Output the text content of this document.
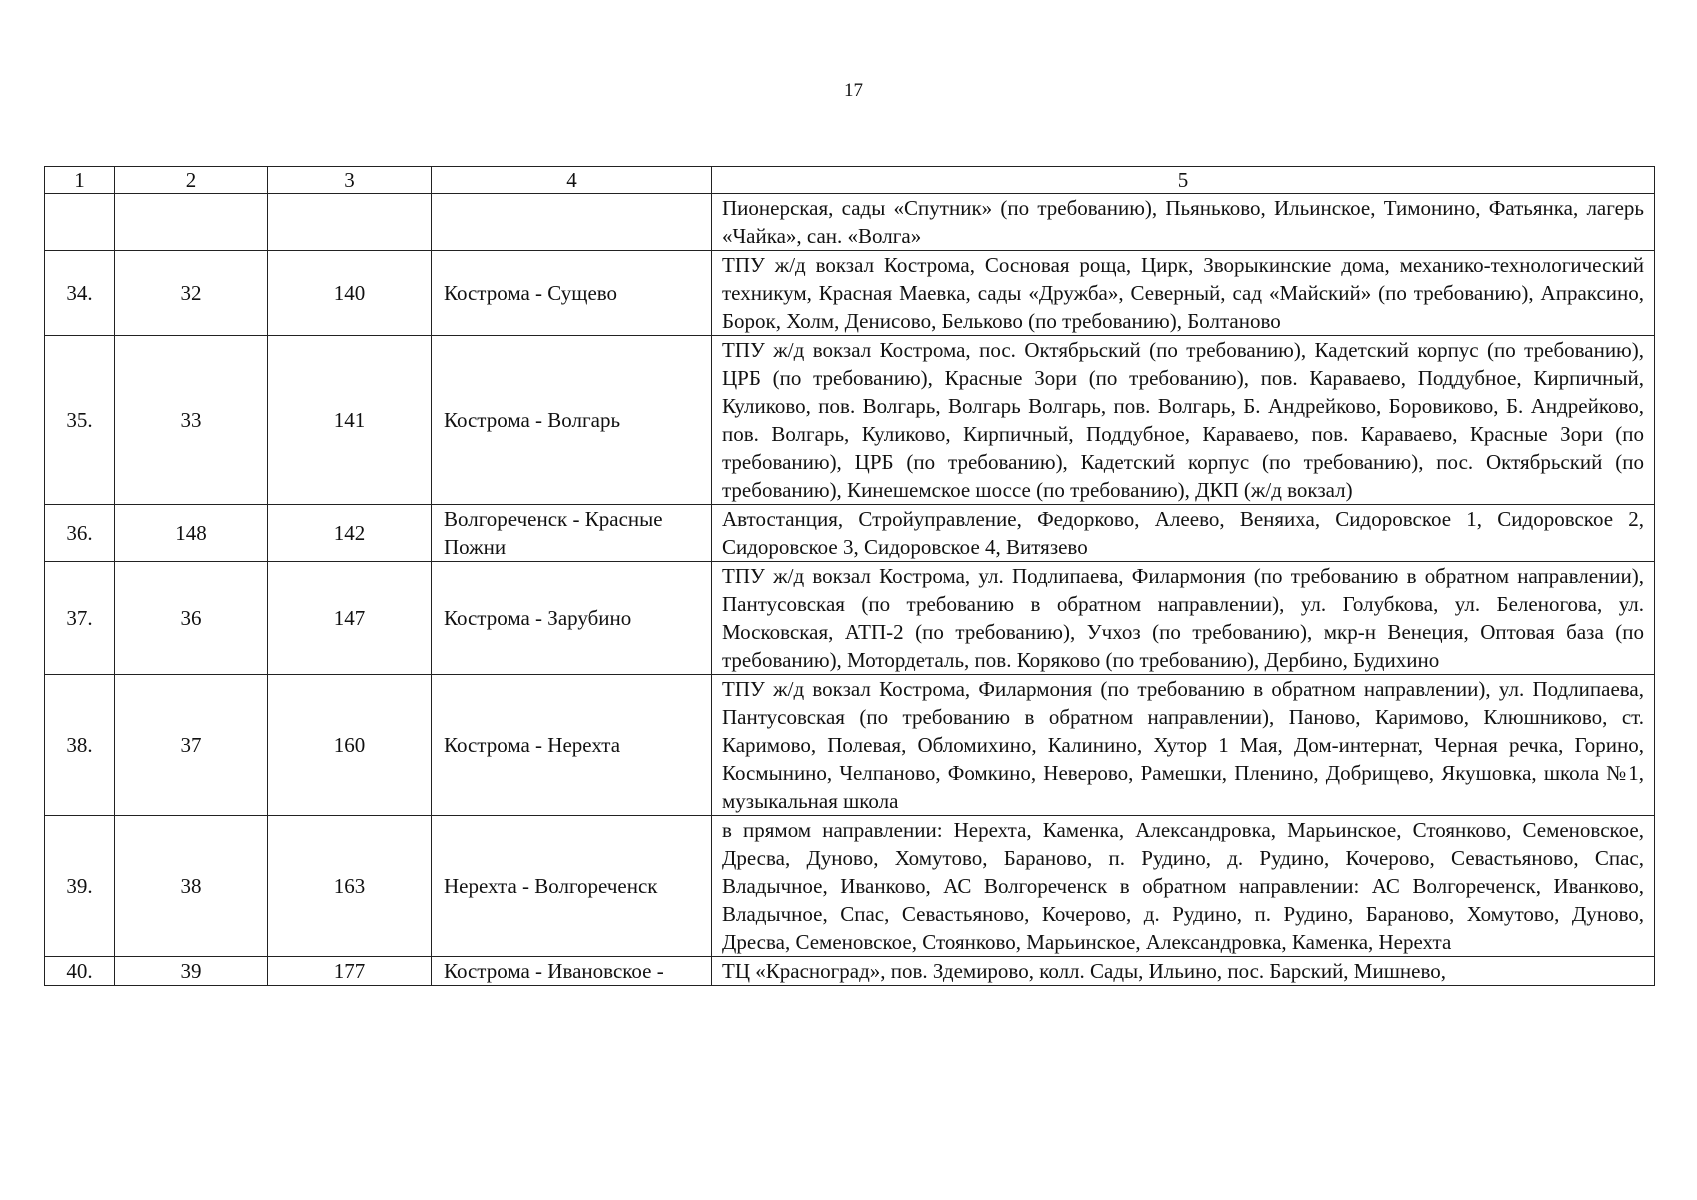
17
1	2	3	4	5
				Пионерская, сады «Спутник» (по требованию), Пьяньково, Ильинское, Тимонино, Фатьянка, лагерь «Чайка», сан. «Волга»
34.	32	140	Кострома - Сущево	ТПУ ж/д вокзал Кострома, Сосновая роща, Цирк, Зворыкинские дома, механико-технологический техникум, Красная Маевка, сады «Дружба», Северный, сад «Майский» (по требованию), Апраксино, Борок, Холм, Денисово, Бельково (по требованию), Болтаново
35.	33	141	Кострома - Волгарь	ТПУ ж/д вокзал Кострома, пос. Октябрьский (по требованию), Кадетский корпус (по требованию), ЦРБ (по требованию), Красные Зори (по требованию), пов. Караваево, Поддубное, Кирпичный, Куликово, пов. Волгарь, Волгарь Волгарь, пов. Волгарь, Б. Андрейково, Боровиково, Б. Андрейково, пов. Волгарь, Куликово, Кирпичный, Поддубное, Караваево, пов. Караваево, Красные Зори (по требованию), ЦРБ (по требованию), Кадетский корпус (по требованию), пос. Октябрьский (по требованию), Кинешемское шоссе (по требованию), ДКП (ж/д вокзал)
36.	148	142	Волгореченск - Красные Пожни	Автостанция, Стройуправление, Федорково, Алеево, Веняиха, Сидоровское 1, Сидоровское 2, Сидоровское 3, Сидоровское 4, Витязево
37.	36	147	Кострома - Зарубино	ТПУ ж/д вокзал Кострома, ул. Подлипаева, Филармония (по требованию в обратном направлении), Пантусовская (по требованию в обратном направлении), ул. Голубкова, ул. Беленогова, ул. Московская, АТП-2 (по требованию), Учхоз (по требованию), мкр-н Венеция, Оптовая база (по требованию), Мотордеталь, пов. Коряково (по требованию), Дербино, Будихино
38.	37	160	Кострома - Нерехта	ТПУ ж/д вокзал Кострома, Филармония (по требованию в обратном направлении), ул. Подлипаева, Пантусовская (по требованию в обратном направлении), Паново, Каримово, Клюшниково, ст. Каримово, Полевая, Обломихино, Калинино, Хутор 1 Мая, Дом-интернат, Черная речка, Горино, Космынино, Челпаново, Фомкино, Неверово, Рамешки, Пленино, Добрищево, Якушовка, школа №1, музыкальная школа
39.	38	163	Нерехта - Волгореченск	в прямом направлении: Нерехта, Каменка, Александровка, Марьинское, Стоянково, Семеновское, Дресва, Дуново, Хомутово, Бараново, п. Рудино, д. Рудино, Кочерово, Севастьяново, Спас, Владычное, Иванково, АС Волгореченск в обратном направлении: АС Волгореченск, Иванково, Владычное, Спас, Севастьяново, Кочерово, д. Рудино, п. Рудино, Бараново, Хомутово, Дуново, Дресва, Семеновское, Стоянково, Марьинское, Александровка, Каменка, Нерехта
40.	39	177	Кострома - Ивановское -	ТЦ «Красноград», пов. Здемирово, колл. Сады, Ильино, пос. Барский, Мишнево,
